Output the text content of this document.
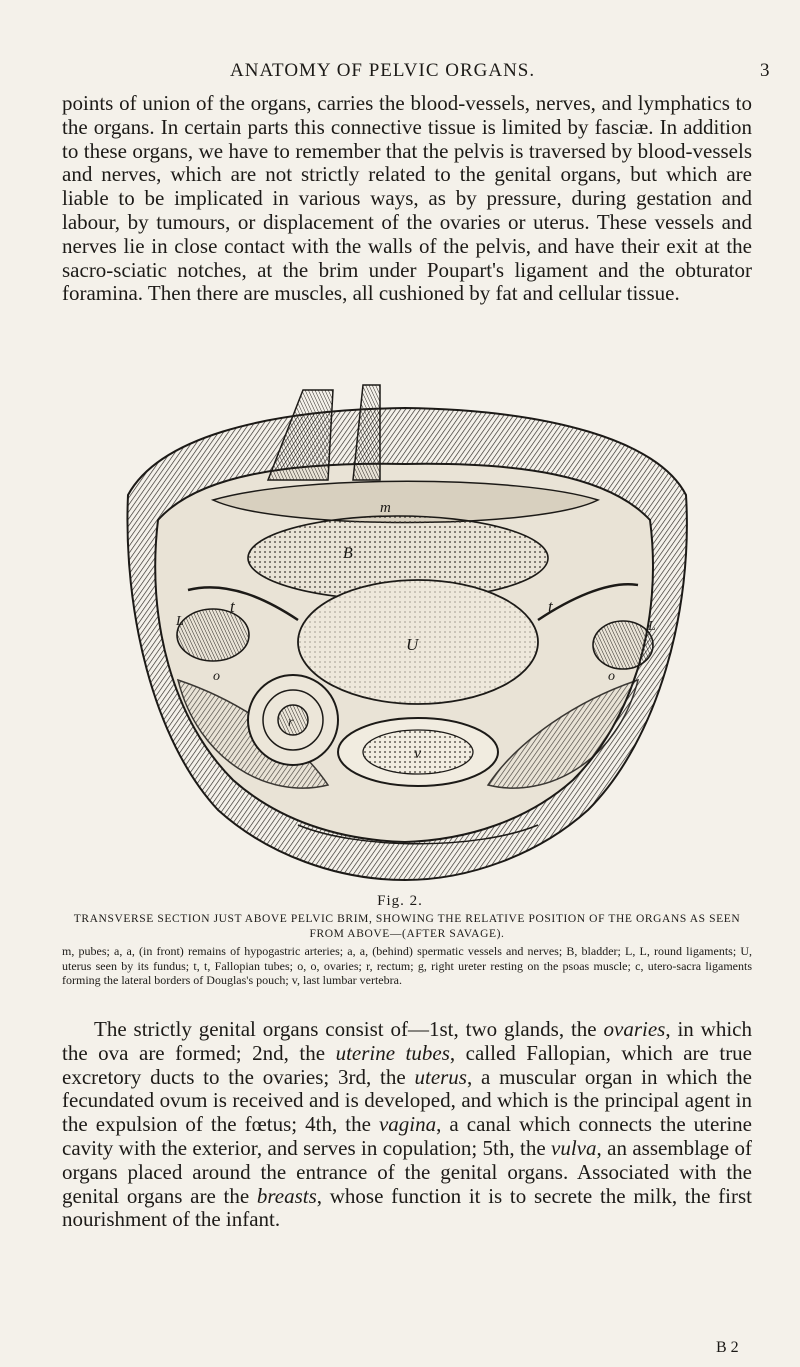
ANATOMY OF PELVIC ORGANS.	3

points of union of the organs, carries the blood-vessels, nerves, and lymphatics to the organs. In certain parts this connective tissue is limited by fasciæ. In addition to these organs, we have to remember that the pelvis is traversed by blood-vessels and nerves, which are not strictly related to the genital organs, but which are liable to be implicated in various ways, as by pressure, during gestation and labour, by tumours, or displacement of the ovaries or uterus. These vessels and nerves lie in close contact with the walls of the pelvis, and have their exit at the sacro-sciatic notches, at the brim under Poupart's ligament and the obturator foramina. Then there are muscles, all cushioned by fat and cellular tissue.

m
B
t	t
U
L	L
o	o
r
v
Fig. 2.
TRANSVERSE SECTION JUST ABOVE PELVIC BRIM, SHOWING THE RELATIVE POSITION OF THE ORGANS AS SEEN FROM ABOVE—(AFTER SAVAGE).
m, pubes; a, a, (in front) remains of hypogastric arteries; a, a, (behind) spermatic vessels and nerves; B, bladder; L, L, round ligaments; U, uterus seen by its fundus; t, t, Fallopian tubes; o, o, ovaries; r, rectum; g, right ureter resting on the psoas muscle; c, utero-sacra ligaments forming the lateral borders of Douglas's pouch; v, last lumbar vertebra.

The strictly genital organs consist of—1st, two glands, the ovaries, in which the ova are formed; 2nd, the uterine tubes, called Fallopian, which are true excretory ducts to the ovaries; 3rd, the uterus, a muscular organ in which the fecundated ovum is received and is developed, and which is the principal agent in the expulsion of the fœtus; 4th, the vagina, a canal which connects the uterine cavity with the exterior, and serves in copulation; 5th, the vulva, an assemblage of organs placed around the entrance of the genital organs. Associated with the genital organs are the breasts, whose function it is to secrete the milk, the first nourishment of the infant.

B 2
